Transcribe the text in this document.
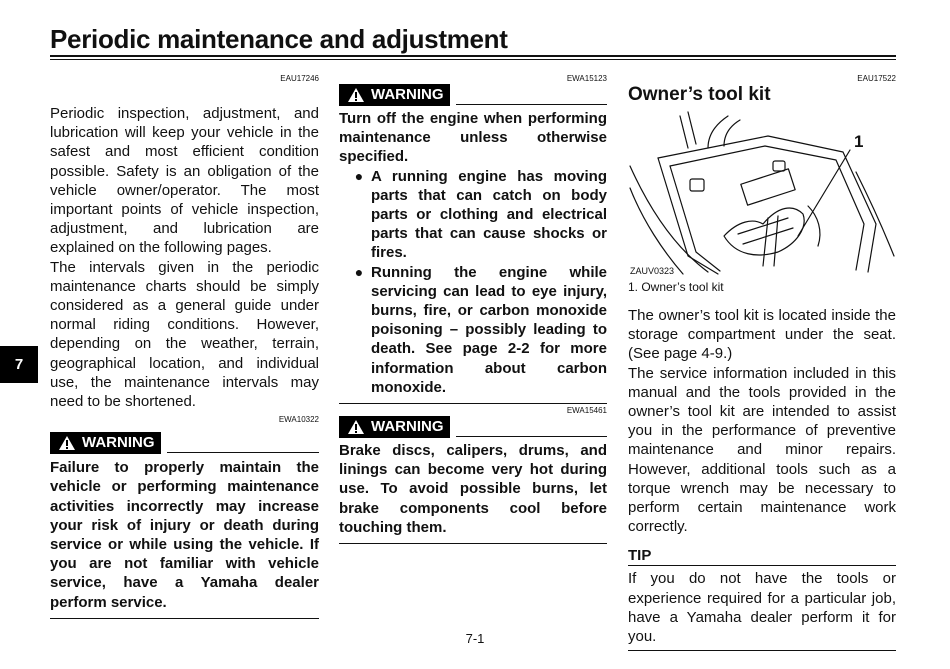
Periodic maintenance and adjustment
EAU17246

Periodic inspection, adjustment, and lubrication will keep your vehicle in the safest and most efficient condition possible. Safety is an obligation of the vehicle owner/operator. The most important points of vehicle inspection, adjustment, and lubrication are explained on the following pages.

The intervals given in the periodic maintenance charts should be simply considered as a general guide under normal riding conditions. However, depending on the weather, terrain, geographical location, and individual use, the maintenance intervals may need to be shortened.

EWA10322
WARNING

Failure to properly maintain the vehicle or performing maintenance activities incorrectly may increase your risk of injury or death during service or while using the vehicle. If you are not familiar with vehicle service, have a Yamaha dealer perform service.

EWA15123
WARNING

Turn off the engine when performing maintenance unless otherwise specified.

● A running engine has moving parts that can catch on body parts or clothing and electrical parts that can cause shocks or fires.
● Running the engine while servicing can lead to eye injury, burns, fire, or carbon monoxide poisoning – possibly leading to death. See page 2-2 for more information about carbon monoxide.
EWA15461
WARNING

Brake discs, calipers, drums, and linings can become very hot during use. To avoid possible burns, let brake components cool before touching them.

EAU17522
Owner’s tool kit
1
ZAUV0323
1. Owner’s tool kit

The owner’s tool kit is located inside the storage compartment under the seat. (See page 4-9.)

The service information included in this manual and the tools provided in the owner’s tool kit are intended to assist you in the performance of preventive maintenance and minor repairs. However, additional tools such as a torque wrench may be necessary to perform certain maintenance work correctly.

TIP

If you do not have the tools or experience required for a particular job, have a Yamaha dealer perform it for you.

7
7-1
